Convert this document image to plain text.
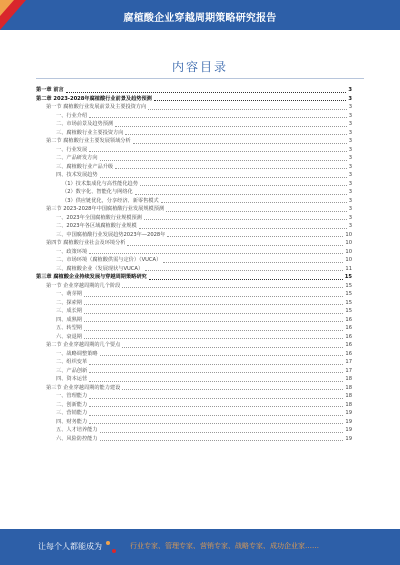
腐植酸企业穿越周期策略研究报告
内容目录
第一章 前言	3
第二章 2023-2028年腐植酸行业前景及趋势预测	3
第一节 腐植酸行业发展前景及主要投资方向	3
一、行业介绍	3
二、市场前景及趋势预测	3
三、腐植酸行业主要投资方向	3
第二节 腐植酸行业主要发展领域分析	3
一、行业发展	3
二、产品研发方向	3
三、腐植酸行业产品升级	3
四、技术发展趋势	3
（1）技术集成化与高性能化趋势	3
（2）数字化、智能化与网络化	3
（3）供应链优化，分享经济、新零售模式	3
第三节 2023-2028年中国腐植酸行业发展规模预测	3
一、2023年全国腐植酸行业规模预测	3
二、2023年各区域腐植酸行业规模	3
三、中国腐植酸行业发展趋势2023年—2028年	10
第四节 腐植酸行业社会及环境分析	10
一、政策环境	10
二、市场环境（腐植酸供需与定价）（VUCA）	10
三、腐植酸企业（发展现状与VUCA）	11
第三章 腐植酸企业持续发展与穿越周期策略研究	15
第一节 企业穿越周期的几个阶段	15
一、萌芽期	15
二、探索期	15
三、成长期	15
四、成熟期	16
五、转型期	16
六、衰退期	16
第二节 企业穿越周期的几个要点	16
一、战略调整策略	16
二、组织变革	17
三、产品创新	17
四、资本运营	18
第三节 企业穿越周期的能力建设	18
一、管理能力	18
二、创新能力	18
三、营销能力	19
四、财务能力	19
五、人才培养能力	19
六、风险防控能力	19
让每个人都能成为	行业专家、管理专家、营销专家、战略专家、成功企业家……
